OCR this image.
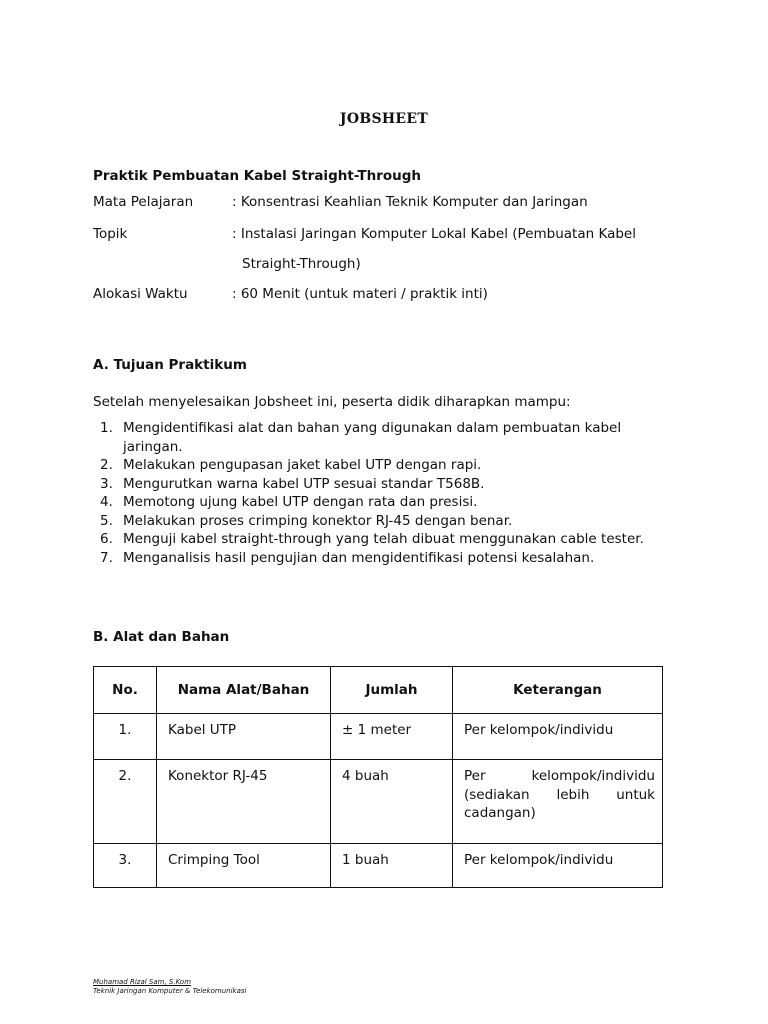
JOBSHEET
Praktik Pembuatan Kabel Straight-Through
Mata Pelajaran	: Konsentrasi Keahlian Teknik Komputer dan Jaringan
Topik	: Instalasi Jaringan Komputer Lokal Kabel (Pembuatan Kabel
Straight-Through)
Alokasi Waktu	: 60 Menit (untuk materi / praktik inti)
A. Tujuan Praktikum
Setelah menyelesaikan Jobsheet ini, peserta didik diharapkan mampu:
1. Mengidentifikasi alat dan bahan yang digunakan dalam pembuatan kabel jaringan.
2. Melakukan pengupasan jaket kabel UTP dengan rapi.
3. Mengurutkan warna kabel UTP sesuai standar T568B.
4. Memotong ujung kabel UTP dengan rata dan presisi.
5. Melakukan proses crimping konektor RJ-45 dengan benar.
6. Menguji kabel straight-through yang telah dibuat menggunakan cable tester.
7. Menganalisis hasil pengujian dan mengidentifikasi potensi kesalahan.
B. Alat dan Bahan
No.	Nama Alat/Bahan	Jumlah	Keterangan
1.	Kabel UTP	± 1 meter	Per kelompok/individu
2.	Konektor RJ-45	4 buah	Per kelompok/individu (sediakan lebih untuk cadangan)
3.	Crimping Tool	1 buah	Per kelompok/individu
Muhamad Rizal Sam, S.Kom
Teknik Jaringan Komputer & Telekomunikasi
